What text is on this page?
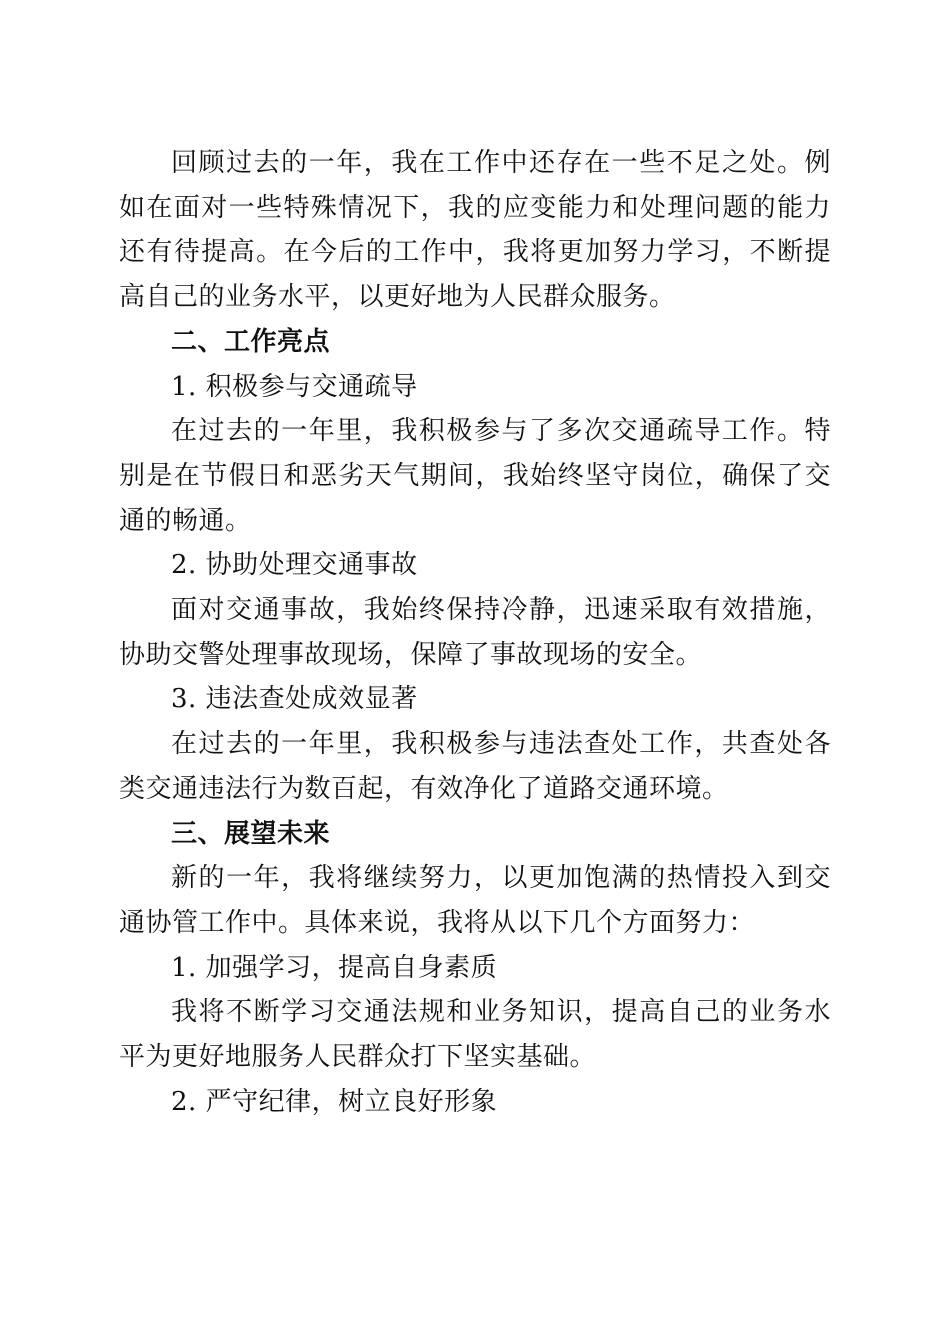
回顾过去的一年，我在工作中还存在一些不足之处。例如在面对一些特殊情况下，我的应变能力和处理问题的能力还有待提高。在今后的工作中，我将更加努力学习，不断提高自己的业务水平，以更好地为人民群众服务。

二、工作亮点

1. 积极参与交通疏导

在过去的一年里，我积极参与了多次交通疏导工作。特别是在节假日和恶劣天气期间，我始终坚守岗位，确保了交通的畅通。

2. 协助处理交通事故

面对交通事故，我始终保持冷静，迅速采取有效措施，协助交警处理事故现场，保障了事故现场的安全。

3. 违法查处成效显著

在过去的一年里，我积极参与违法查处工作，共查处各类交通违法行为数百起，有效净化了道路交通环境。

三、展望未来

新的一年，我将继续努力，以更加饱满的热情投入到交通协管工作中。具体来说，我将从以下几个方面努力：

1. 加强学习，提高自身素质

我将不断学习交通法规和业务知识，提高自己的业务水平为更好地服务人民群众打下坚实基础。

2. 严守纪律，树立良好形象
